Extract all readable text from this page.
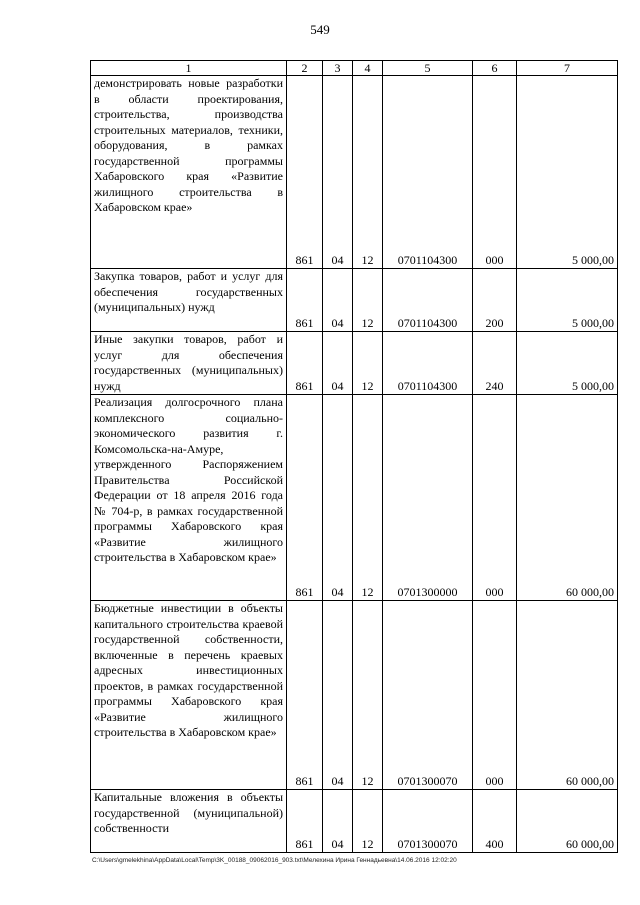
549
1	2	3	4	5	6	7
демонстрировать новые разработки в области проектирования, строительства, производства строительных материалов, техники, оборудования, в рамках государственной программы Хабаровского края «Развитие жилищного строительства в Хабаровском крае»	861	04	12	0701104300	000	5 000,00
Закупка товаров, работ и услуг для обеспечения государственных (муниципальных) нужд	861	04	12	0701104300	200	5 000,00
Иные закупки товаров, работ и услуг для обеспечения государственных (муниципальных) нужд	861	04	12	0701104300	240	5 000,00
Реализация долгосрочного плана комплексного социально-экономического развития г. Комсомольска-на-Амуре, утвержденного Распоряжением Правительства Российской Федерации от 18 апреля 2016 года № 704-р, в рамках государственной программы Хабаровского края «Развитие жилищного строительства в Хабаровском крае»	861	04	12	0701300000	000	60 000,00
Бюджетные инвестиции в объекты капитального строительства краевой государственной собственности, включенные в перечень краевых адресных инвестиционных проектов, в рамках государственной программы Хабаровского края «Развитие жилищного строительства в Хабаровском крае»	861	04	12	0701300070	000	60 000,00
Капитальные вложения в объекты государственной (муниципальной) собственности	861	04	12	0701300070	400	60 000,00
C:\Users\gmelekhina\AppData\Local\Temp\3K_00188_09062016_903.txt\Мелехина Ирина Геннадьевна\14.06.2016 12:02:20
